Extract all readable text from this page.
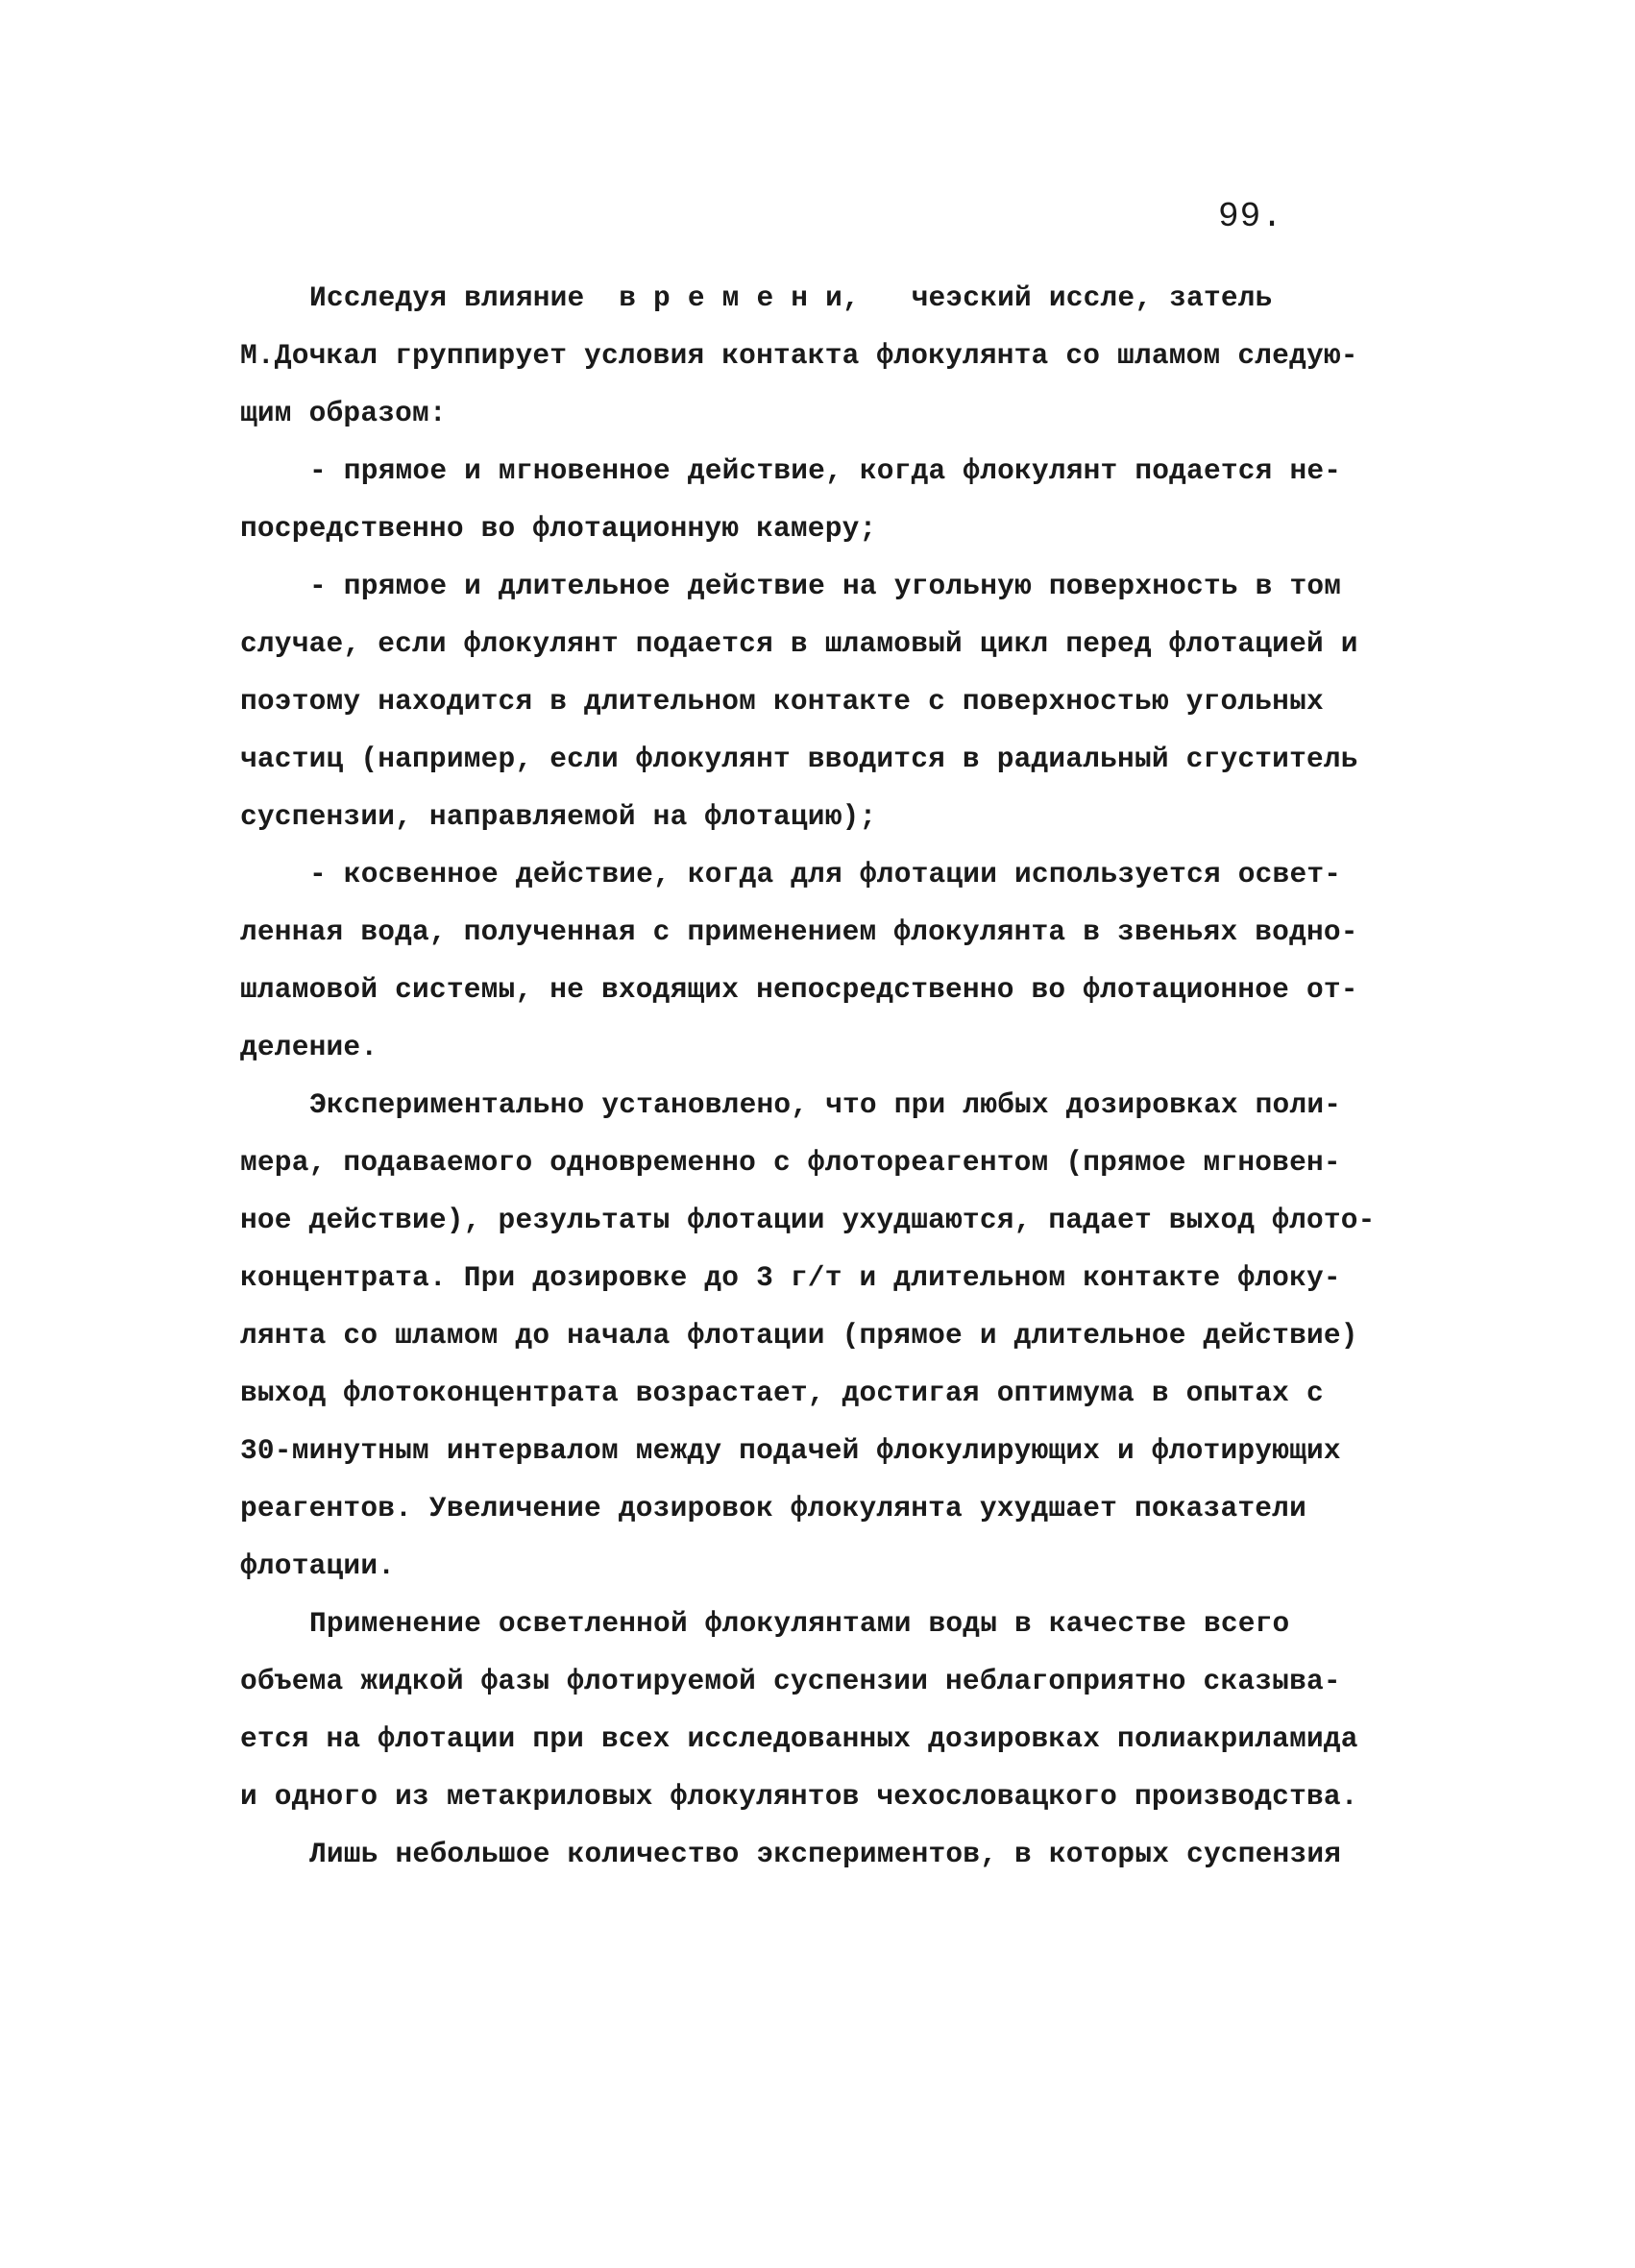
99.
Исследуя влияние  в р е м е н и,   чеэский иссле, затель
М.Дочкал группирует условия контакта флокулянта со шламом следую-
щим образом:
- прямое и мгновенное действие, когда флокулянт подается не-
посредственно во флотационную камеру;
- прямое и длительное действие на угольную поверхность в том
случае, если флокулянт подается в шламовый цикл перед флотацией и
поэтому находится в длительном контакте с поверхностью угольных
частиц (например, если флокулянт вводится в радиальный сгуститель
суспензии, направляемой на флотацию);
- косвенное действие, когда для флотации используется освет-
ленная вода, полученная с применением флокулянта в звеньях водно-
шламовой системы, не входящих непосредственно во флотационное от-
деление.
Экспериментально установлено, что при любых дозировках поли-
мера, подаваемого одновременно с флотореагентом (прямое мгновен-
ное действие), результаты флотации ухудшаются, падает выход флото-
концентрата. При дозировке до 3 г/т и длительном контакте флоку-
лянта со шламом до начала флотации (прямое и длительное действие)
выход флотоконцентрата возрастает, достигая оптимума в опытах с
30-минутным интервалом между подачей флокулирующих и флотирующих
реагентов. Увеличение дозировок флокулянта ухудшает показатели
флотации.
Применение осветленной флокулянтами воды в качестве всего
объема жидкой фазы флотируемой суспензии неблагоприятно сказыва-
ется на флотации при всех исследованных дозировках полиакриламида
и одного из метакриловых флокулянтов чехословацкого производства.
Лишь небольшое количество экспериментов, в которых суспензия
